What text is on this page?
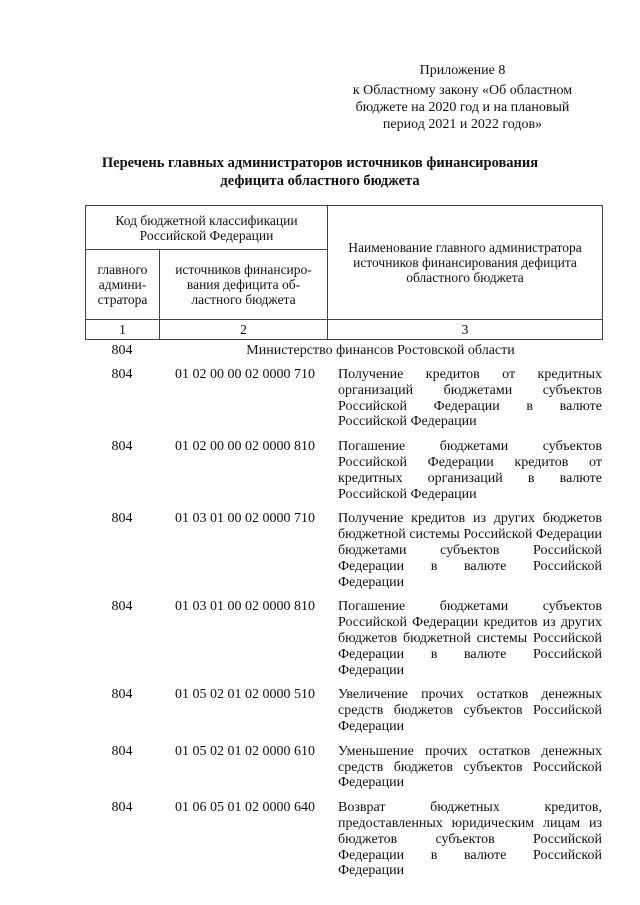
Приложение 8
к Областному закону «Об областном
бюджете на 2020 год и на плановый
период 2021 и 2022 годов»
Перечень главных администраторов источников финансирования
дефицита областного бюджета
Код бюджетной классификации Российской Федерации		Наименование главного администратора источников финансирования дефицита областного бюджета
главного админи-стратора	источников финансиро-вания дефицита об-ластного бюджета	
1	2	3
804	Министерство финансов Ростовской области
804	01 02 00 00 02 0000 710	Получение кредитов от кредитных организаций бюджетами субъектов Российской Федерации в валюте Российской Федерации
804	01 02 00 00 02 0000 810	Погашение бюджетами субъектов Российской Федерации кредитов от кредитных организаций в валюте Российской Федерации
804	01 03 01 00 02 0000 710	Получение кредитов из других бюджетов бюджетной системы Российской Федерации бюджетами субъектов Российской Федерации в валюте Российской Федерации
804	01 03 01 00 02 0000 810	Погашение бюджетами субъектов Российской Федерации кредитов из других бюджетов бюджетной системы Российской Федерации в валюте Российской Федерации
804	01 05 02 01 02 0000 510	Увеличение прочих остатков денежных средств бюджетов субъектов Российской Федерации
804	01 05 02 01 02 0000 610	Уменьшение прочих остатков денежных средств бюджетов субъектов Российской Федерации
804	01 06 05 01 02 0000 640	Возврат бюджетных кредитов, предоставленных юридическим лицам из бюджетов субъектов Российской Федерации в валюте Российской Федерации
